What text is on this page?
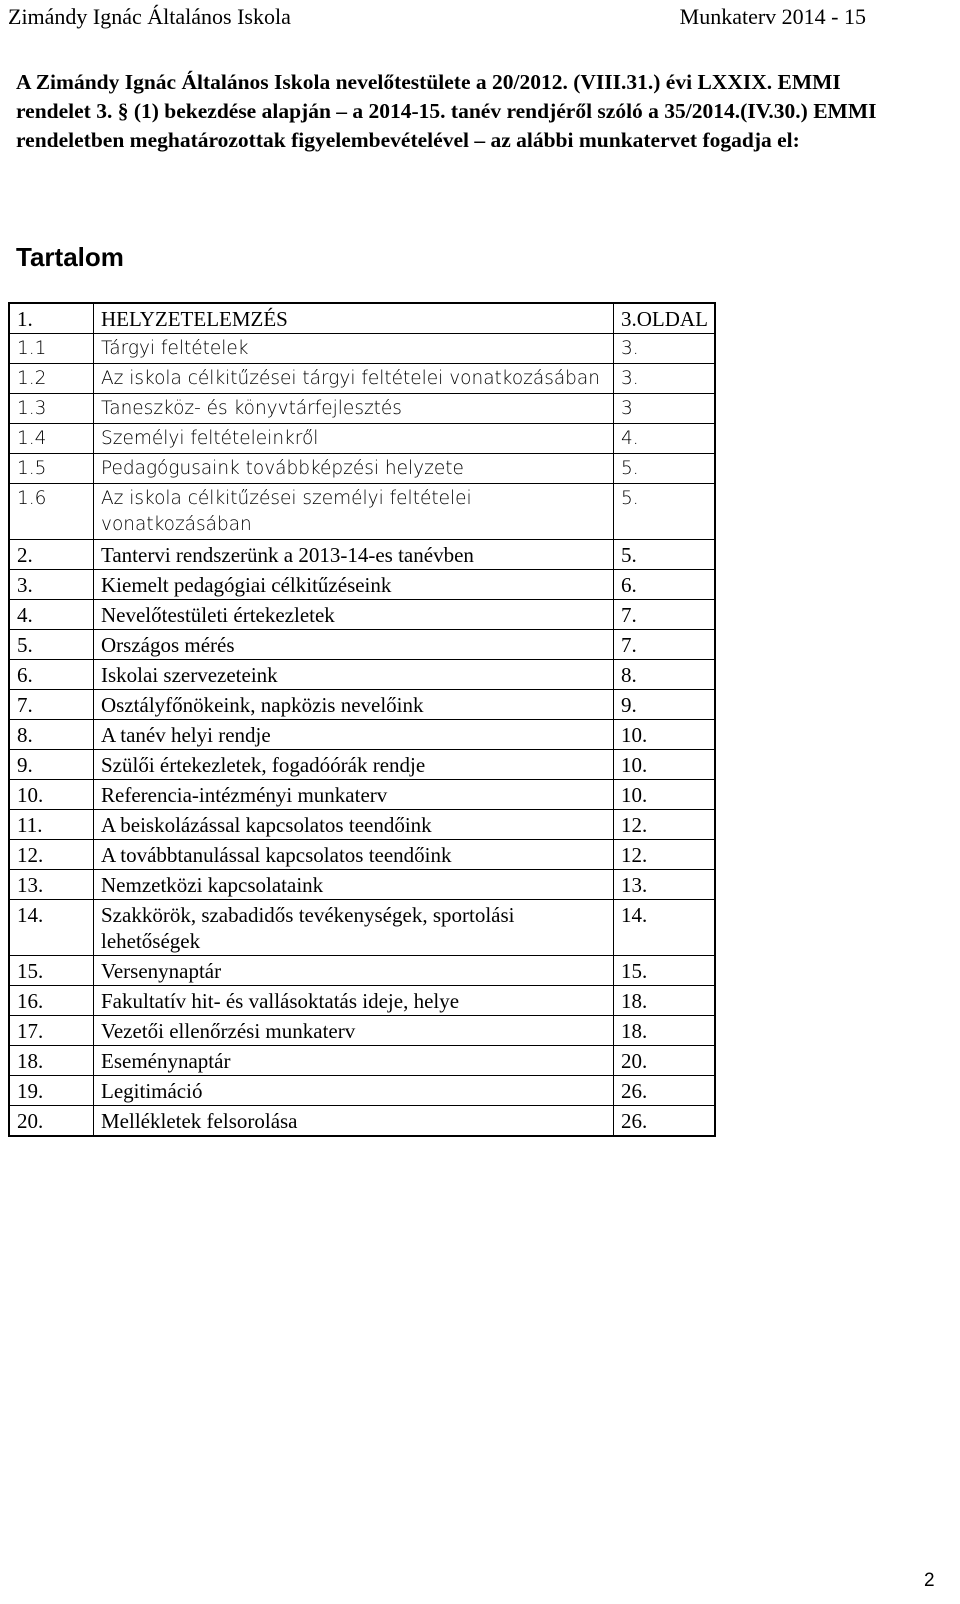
Zimándy Ignác Általános Iskola	Munkaterv 2014 - 15
A Zimándy Ignác Általános Iskola nevelőtestülete a 20/2012. (VIII.31.) évi LXXIX. EMMI rendelet 3. § (1) bekezdése alapján – a 2014-15. tanév rendjéről szóló a 35/2014.(IV.30.) EMMI rendeletben meghatározottak figyelembevételével – az alábbi munkatervet fogadja el:
Tartalom
1.	HELYZETELEMZÉS	3.OLDAL
1.1	Tárgyi feltételek	3.
1.2	Az iskola célkitűzései tárgyi feltételei vonatkozásában	3.
1.3	Taneszköz- és könyvtárfejlesztés	3
1.4	Személyi feltételeinkről	4.
1.5	Pedagógusaink továbbképzési helyzete	5.
1.6	Az iskola célkitűzései személyi feltételei vonatkozásában	5.
2.	Tantervi rendszerünk a 2013-14-es tanévben	5.
3.	Kiemelt pedagógiai célkitűzéseink	6.
4.	Nevelőtestületi értekezletek	7.
5.	Országos mérés	7.
6.	Iskolai szervezeteink	8.
7.	Osztályfőnökeink, napközis nevelőink	9.
8.	A tanév helyi rendje	10.
9.	Szülői értekezletek, fogadóórák rendje	10.
10.	Referencia-intézményi munkaterv	10.
11.	A beiskolázással kapcsolatos teendőink	12.
12.	A továbbtanulással kapcsolatos teendőink	12.
13.	Nemzetközi kapcsolataink	13.
14.	Szakkörök, szabadidős tevékenységek, sportolási lehetőségek	14.
15.	Versenynaptár	15.
16.	Fakultatív hit- és vallásoktatás ideje, helye	18.
17.	Vezetői ellenőrzési munkaterv	18.
18.	Eseménynaptár	20.
19.	Legitimáció	26.
20.	Mellékletek felsorolása	26.
2
